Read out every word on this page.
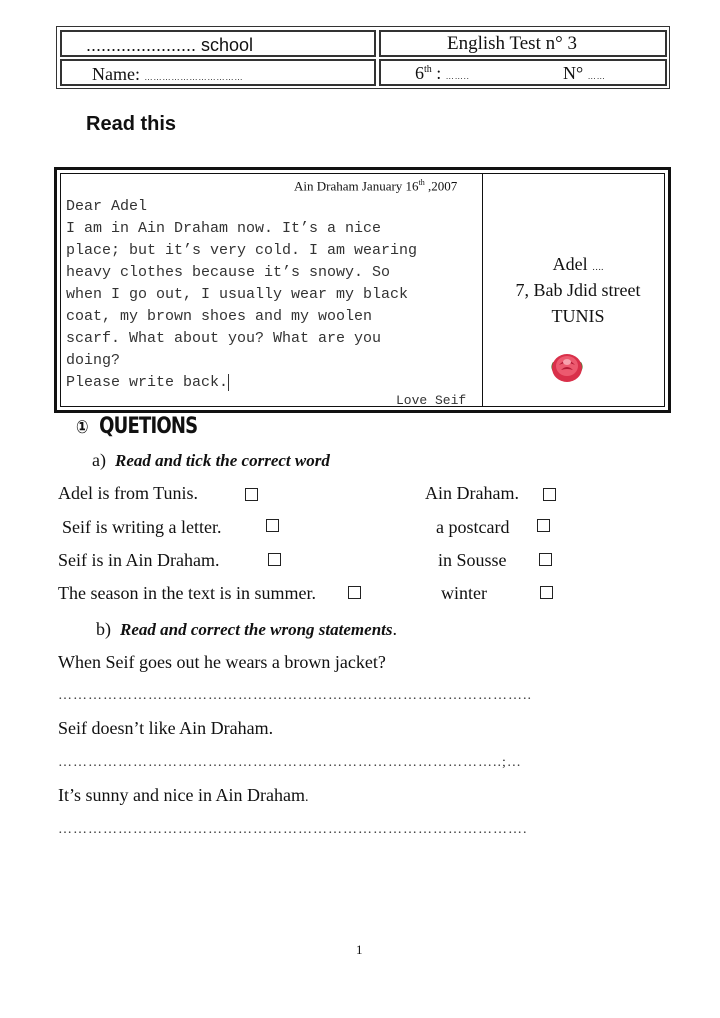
...................... school	English Test n° 3
Name: ……………………………	6th : ……..	N° ……
Read this
Ain Draham January 16th ,2007
Dear Adel
I am in Ain Draham now. It’s a nice
place; but it’s very cold. I am wearing
heavy clothes because it’s snowy. So
when I go out, I usually wear my black
coat, my brown shoes and my woolen
scarf. What about you? What are you
doing?
Please write back.
Love Seif
Adel ….
7, Bab Jdid street
TUNIS
① QUETIONS
a) Read and tick the correct word
Adel is from Tunis.	Ain Draham.
Seif is writing a letter.	a postcard
Seif is in Ain Draham.	in Sousse
The season in the text is in summer.	winter
b) Read and correct the wrong statements.
When Seif goes out he wears a brown jacket?
…………………………………………………………………………………..
Seif doesn’t like Ain Draham.
……………………………………………………………………………..;…
It’s sunny and nice in Ain Draham.
………………………………………………………………………………….
1
